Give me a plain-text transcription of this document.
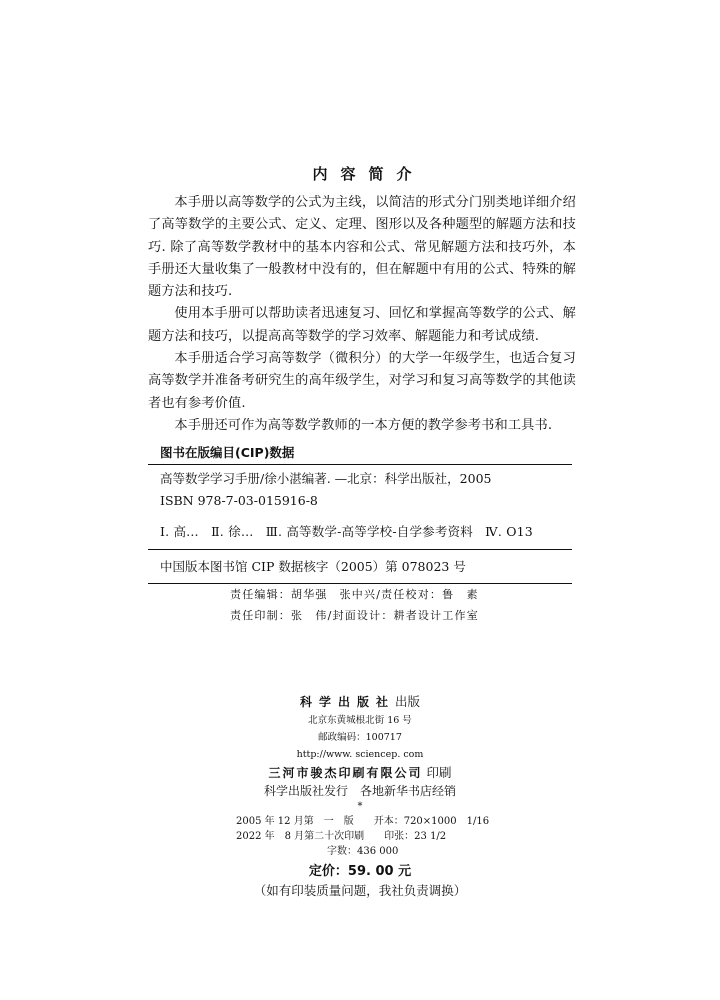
内容简介

本手册以高等数学的公式为主线，以简洁的形式分门别类地详细介绍了高等数学的主要公式、定义、定理、图形以及各种题型的解题方法和技巧. 除了高等数学教材中的基本内容和公式、常见解题方法和技巧外，本手册还大量收集了一般教材中没有的，但在解题中有用的公式、特殊的解题方法和技巧.

使用本手册可以帮助读者迅速复习、回忆和掌握高等数学的公式、解题方法和技巧，以提高高等数学的学习效率、解题能力和考试成绩.

本手册适合学习高等数学（微积分）的大学一年级学生，也适合复习高等数学并准备考研究生的高年级学生，对学习和复习高等数学的其他读者也有参考价值.

本手册还可作为高等数学教师的一本方便的教学参考书和工具书.

图书在版编目(CIP)数据
高等数学学习手册/徐小湛编著. —北京：科学出版社，2005
ISBN 978-7-03-015916-8
Ⅰ. 高… Ⅱ. 徐… Ⅲ. 高等数学-高等学校-自学参考资料 Ⅳ. O13
中国版本图书馆 CIP 数据核字（2005）第 078023 号
责任编辑：胡华强 张中兴/责任校对：鲁　素
责任印制：张　伟/封面设计：耕者设计工作室
科学出版社出版
北京东黄城根北街 16 号
邮政编码：100717
http://www. sciencep. com
三河市骏杰印刷有限公司 印刷
科学出版社发行 各地新华书店经销
*
2005 年 12 月第　一　版　　开本：720×1000　1/16
2022 年　8 月第二十次印刷　　印张：23 1/2
字数：436 000
定价：59. 00 元
（如有印装质量问题，我社负责调换）
